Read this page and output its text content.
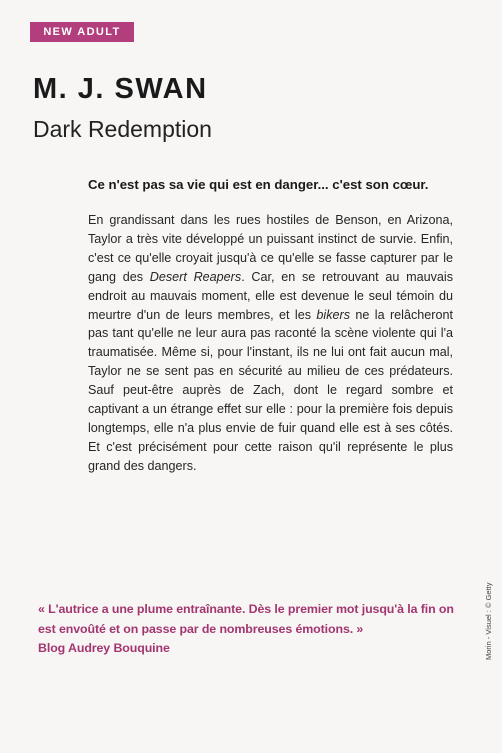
NEW ADULT
M. J. SWAN
Dark Redemption

Ce n'est pas sa vie qui est en danger... c'est son cœur.

En grandissant dans les rues hostiles de Benson, en Arizona, Taylor a très vite développé un puissant instinct de survie. Enfin, c'est ce qu'elle croyait jusqu'à ce qu'elle se fasse capturer par le gang des Desert Reapers. Car, en se retrouvant au mauvais endroit au mauvais moment, elle est devenue le seul témoin du meurtre d'un de leurs membres, et les bikers ne la relâcheront pas tant qu'elle ne leur aura pas raconté la scène violente qui l'a traumatisée. Même si, pour l'instant, ils ne lui ont fait aucun mal, Taylor ne se sent pas en sécurité au milieu de ces prédateurs. Sauf peut-être auprès de Zach, dont le regard sombre et captivant a un étrange effet sur elle : pour la première fois depuis longtemps, elle n'a plus envie de fuir quand elle est à ses côtés. Et c'est précisément pour cette raison qu'il représente le plus grand des dangers.

« L'autrice a une plume entraînante. Dès le premier mot jusqu'à la fin on est envoûté et on passe par de nombreuses émotions. »
Blog Audrey Bouquine	Morin - Visuel : © Getty
